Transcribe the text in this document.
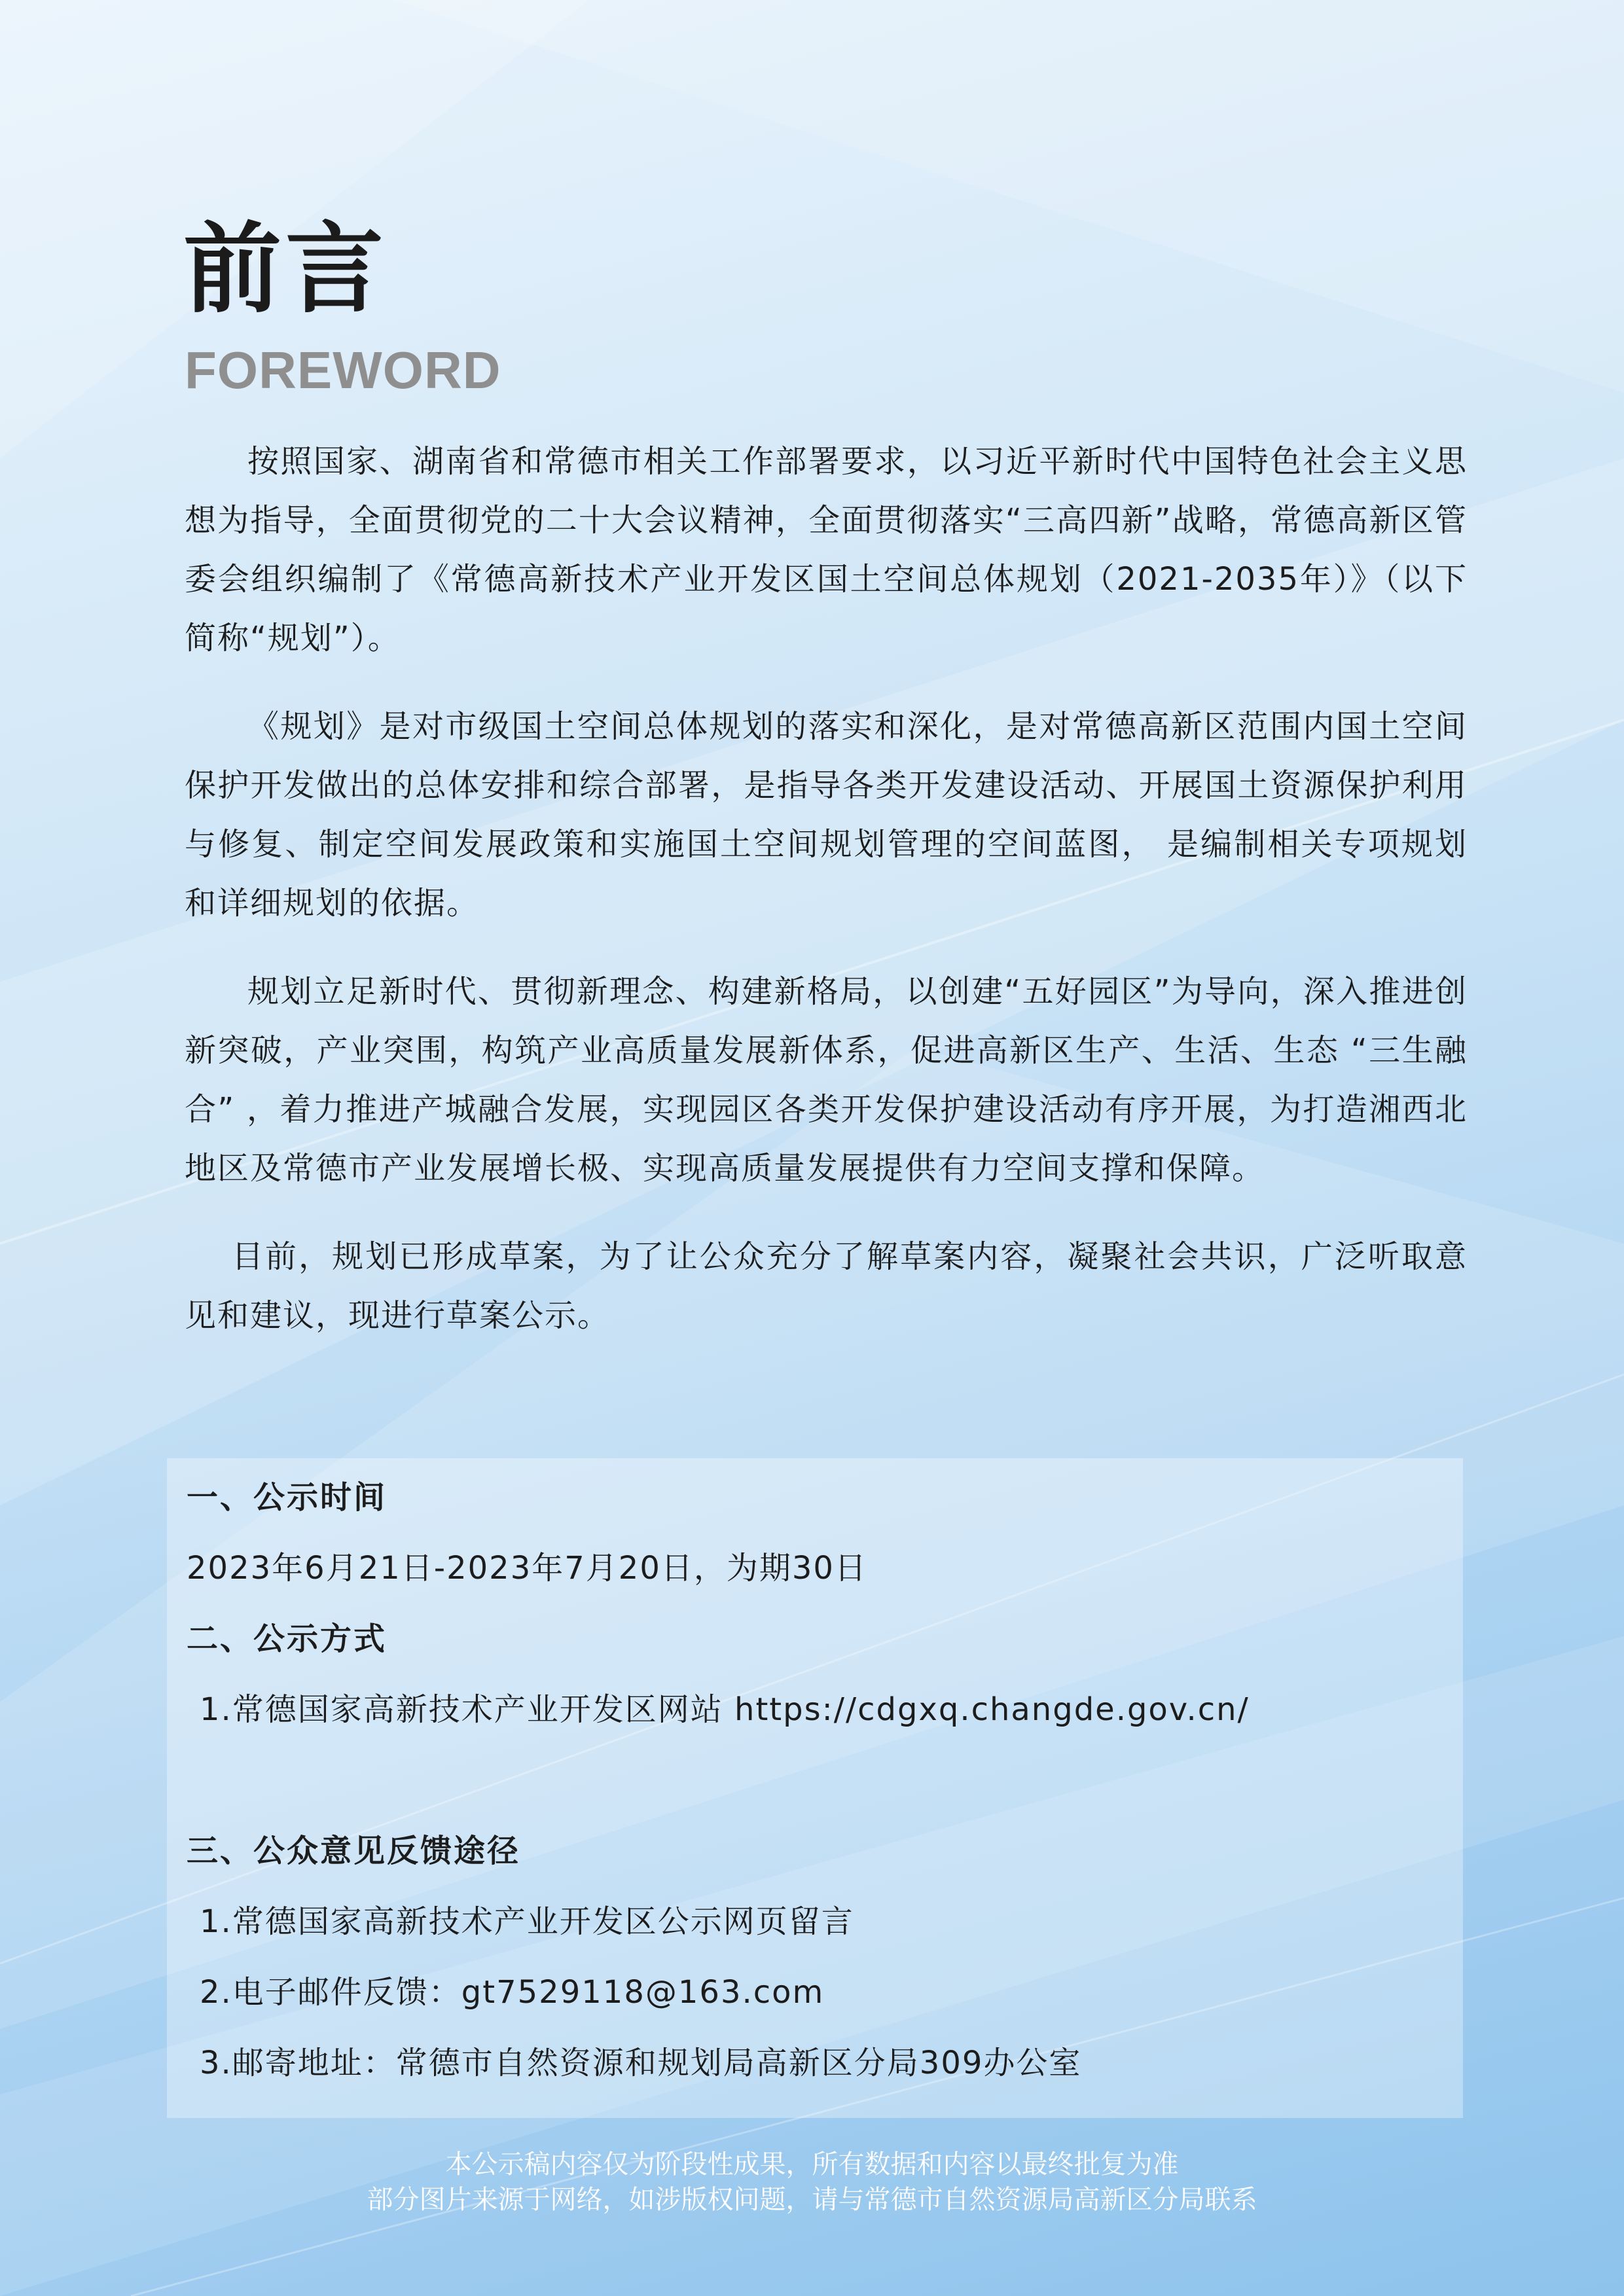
前言
FOREWORD

按照国家、湖南省和常德市相关工作部署要求，以习近平新时代中国特色社会主义思想为指导，全面贯彻党的二十大会议精神，全面贯彻落实“三高四新”战略，常德高新区管委会组织编制了《常德高新技术产业开发区国土空间总体规划（2021-2035年）》（以下简称“规划”）。

《规划》是对市级国土空间总体规划的落实和深化，是对常德高新区范围内国土空间保护开发做出的总体安排和综合部署，是指导各类开发建设活动、开展国土资源保护利用与修复、制定空间发展政策和实施国土空间规划管理的空间蓝图， 是编制相关专项规划和详细规划的依据。

规划立足新时代、贯彻新理念、构建新格局，以创建“五好园区”为导向，深入推进创新突破，产业突围，构筑产业高质量发展新体系，促进高新区生产、生活、生态 “三生融合” ，着力推进产城融合发展，实现园区各类开发保护建设活动有序开展，为打造湘西北地区及常德市产业发展增长极、实现高质量发展提供有力空间支撑和保障。

目前，规划已形成草案，为了让公众充分了解草案内容，凝聚社会共识，广泛听取意见和建议，现进行草案公示。

一、公示时间
2023年6月21日-2023年7月20日，为期30日
二、公示方式
1.常德国家高新技术产业开发区网站 https://cdgxq.changde.gov.cn/
三、公众意见反馈途径
1.常德国家高新技术产业开发区公示网页留言
2.电子邮件反馈：gt7529118@163.com
3.邮寄地址：常德市自然资源和规划局高新区分局309办公室
本公示稿内容仅为阶段性成果，所有数据和内容以最终批复为准
部分图片来源于网络，如涉版权问题，请与常德市自然资源局高新区分局联系
